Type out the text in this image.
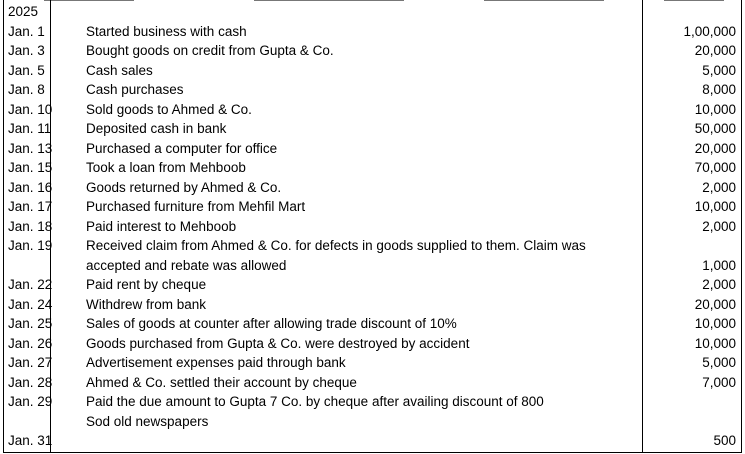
2025
Jan. 1	Started business with cash	1,00,000
Jan. 3	Bought goods on credit from Gupta & Co.	20,000
Jan. 5	Cash sales	5,000
Jan. 8	Cash purchases	8,000
Jan. 10 Sold goods to Ahmed & Co.	10,000
Jan. 11	Deposited cash in bank	50,000
Jan. 13 Purchased a computer for office	20,000
Jan. 15 Took a loan from Mehboob	70,000
Jan. 16 Goods returned by Ahmed & Co.	2,000
Jan. 17 Purchased furniture from Mehfil Mart	10,000
Jan. 18 Paid interest to Mehboob	2,000
Jan. 19 Received claim from Ahmed & Co. for defects in goods supplied to them. Claim was
accepted and rebate was allowed	1,000
Jan. 22 Paid rent by cheque	2,000
Jan. 24 Withdrew from bank	20,000
Jan. 25 Sales of goods at counter after allowing trade discount of 10%	10,000
Jan. 26 Goods purchased from Gupta & Co. were destroyed by accident	10,000
Jan. 27 Advertisement expenses paid through bank	5,000
Jan. 28 Ahmed & Co. settled their account by cheque	7,000
Jan. 29 Paid the due amount to Gupta 7 Co. by cheque after availing discount of 800
Sod old newspapers
Jan. 31	500
